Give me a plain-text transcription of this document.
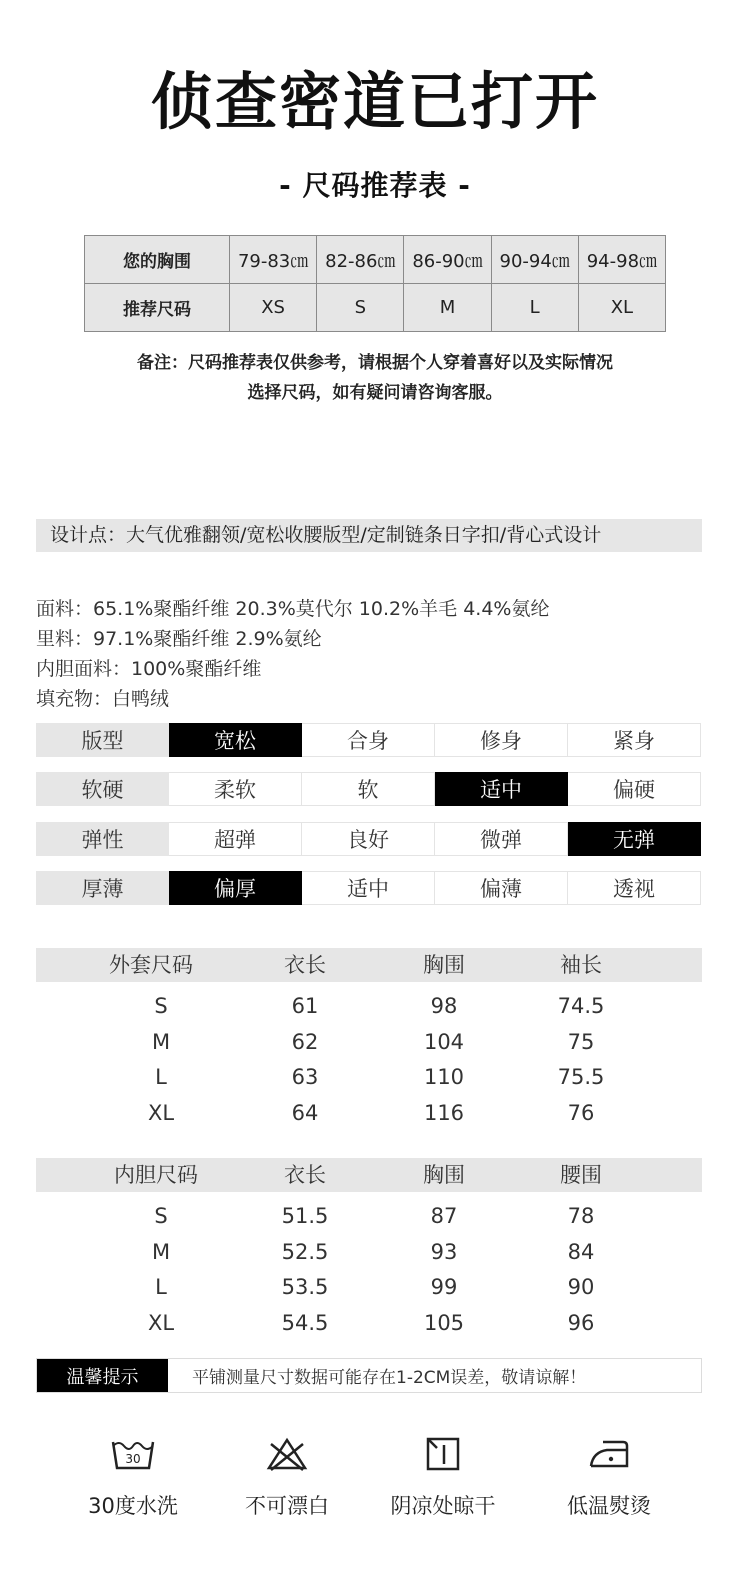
侦查密道已打开
- 尺码推荐表 -
您的胸围	79-83㎝	82-86㎝	86-90㎝	90-94㎝	94-98㎝
推荐尺码	XS	S	M	L	XL
备注：尺码推荐表仅供参考，请根据个人穿着喜好以及实际情况
选择尺码，如有疑问请咨询客服。
设计点：大气优雅翻领/宽松收腰版型/定制链条日字扣/背心式设计
面料：65.1%聚酯纤维 20.3%莫代尔 10.2%羊毛 4.4%氨纶
里料：97.1%聚酯纤维 2.9%氨纶
内胆面料：100%聚酯纤维
填充物：白鸭绒
版型	宽松	合身	修身	紧身
软硬	柔软	软	适中	偏硬
弹性	超弹	良好	微弹	无弹
厚薄	偏厚	适中	偏薄	透视
外套尺码	衣长	胸围	袖长
S	61	98	74.5
M	62	104	75
L	63	110	75.5
XL	64	116	76
内胆尺码	衣长	胸围	腰围
S	51.5	87	78
M	52.5	93	84
L	53.5	99	90
XL	54.5	105	96
温馨提示	平铺测量尺寸数据可能存在1-2CM误差，敬请谅解！
30
30度水洗	不可漂白	阴凉处晾干	低温熨烫
